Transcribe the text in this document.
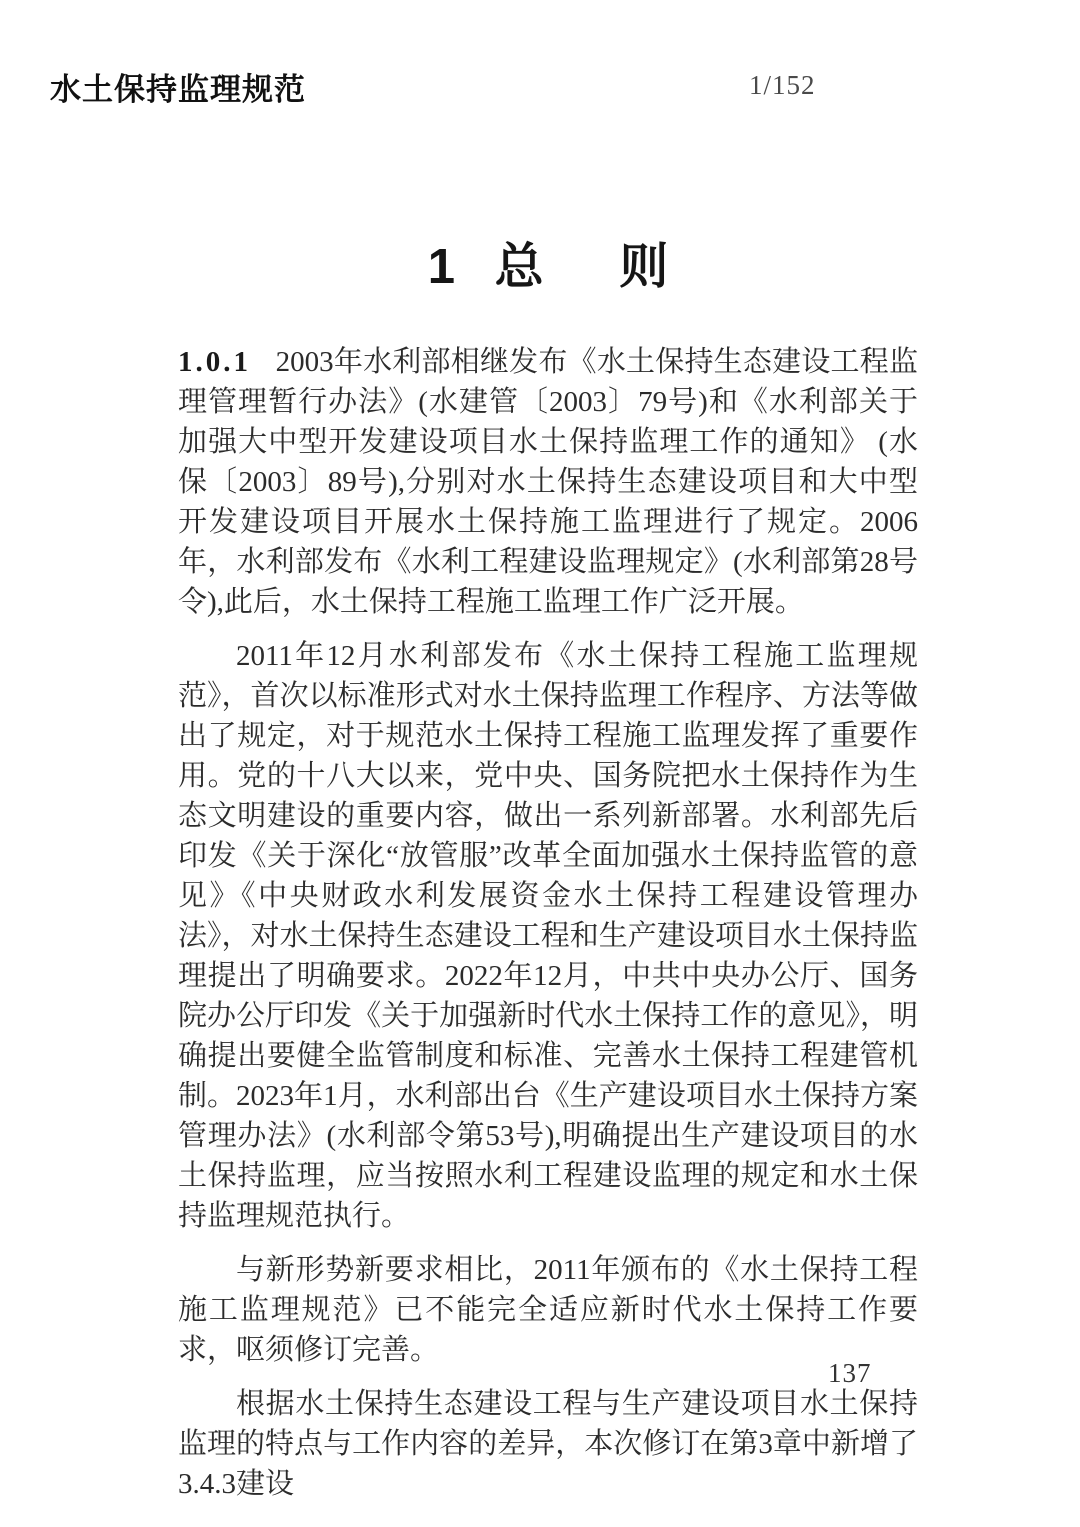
水土保持监理规范	1/152
1 总 则

1.0.1 2003年水利部相继发布《水土保持生态建设工程监理管理暂行办法》(水建管〔2003〕79号)和《水利部关于加强大中型开发建设项目水土保持监理工作的通知》 (水保〔2003〕89号),分别对水土保持生态建设项目和大中型开发建设项目开展水土保持施工监理进行了规定。2006年，水利部发布《水利工程建设监理规定》(水利部第28号令),此后，水土保持工程施工监理工作广泛开展。

2011年12月水利部发布《水土保持工程施工监理规范》，首次以标准形式对水土保持监理工作程序、方法等做出了规定，对于规范水土保持工程施工监理发挥了重要作用。党的十八大以来，党中央、国务院把水土保持作为生态文明建设的重要内容，做出一系列新部署。水利部先后印发《关于深化“放管服”改革全面加强水土保持监管的意见》《中央财政水利发展资金水土保持工程建设管理办法》，对水土保持生态建设工程和生产建设项目水土保持监理提出了明确要求。2022年12月，中共中央办公厅、国务院办公厅印发《关于加强新时代水土保持工作的意见》，明确提出要健全监管制度和标准、完善水土保持工程建管机制。2023年1月，水利部出台《生产建设项目水土保持方案管理办法》(水利部令第53号),明确提出生产建设项目的水土保持监理，应当按照水利工程建设监理的规定和水土保持监理规范执行。

与新形势新要求相比，2011年颁布的《水土保持工程施工监理规范》已不能完全适应新时代水土保持工作要求，呕须修订完善。

根据水土保持生态建设工程与生产建设项目水土保持监理的特点与工作内容的差异，本次修订在第3章中新增了3.4.3建设

137
